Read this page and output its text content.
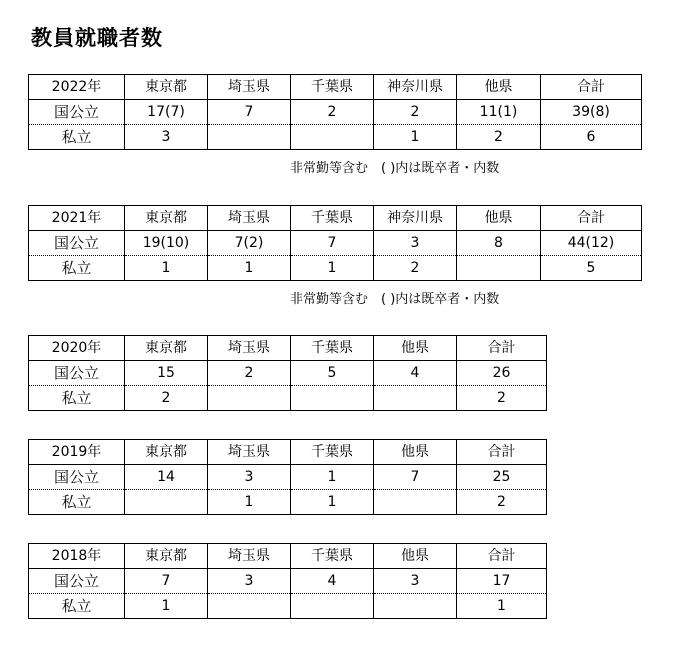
教員就職者数
2022年	東京都	埼玉県	千葉県	神奈川県	他県	合計
国公立	17(7)	7	2	2	11(1)	39(8)
私立	3			1	2	6
非常勤等含む　( )内は既卒者・内数
2021年	東京都	埼玉県	千葉県	神奈川県	他県	合計
国公立	19(10)	7(2)	7	3	8	44(12)
私立	1	1	1	2		5
非常勤等含む　( )内は既卒者・内数
2020年	東京都	埼玉県	千葉県	他県	合計
国公立	15	2	5	4	26
私立	2				2
2019年	東京都	埼玉県	千葉県	他県	合計
国公立	14	3	1	7	25
私立		1	1		2
2018年	東京都	埼玉県	千葉県	他県	合計
国公立	7	3	4	3	17
私立	1				1
